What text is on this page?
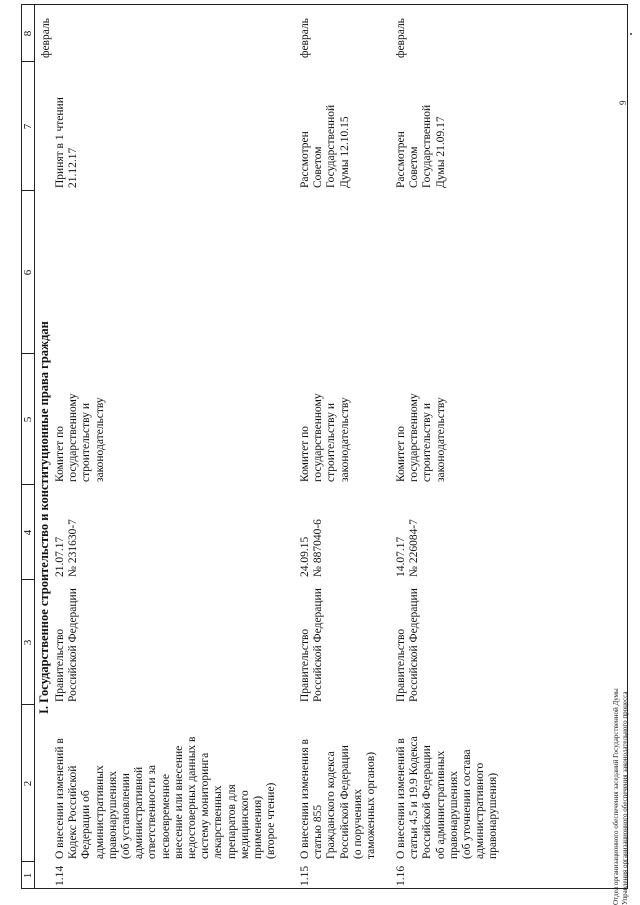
1
2
3
4
5
6
7
8
I. Государственное строительство и конституционные права граждан
1.14
О внесении изменений в
Кодекс Российской
Федерации об
административных
правонарушениях
(об установлении
административной
ответственности за
несвоевременное
внесение или внесение
недостоверных данных в
систему мониторинга
лекарственных
препаратов для
медицинского
применения)
(второе чтение)
Правительство
Российской Федерации
21.07.17
№ 231630-7
Комитет по
государственному
строительству и
законодательству
Принят в 1 чтении
21.12.17
февраль
1.15
О внесении изменения в
статью 855
Гражданского кодекса
Российской Федерации
(о поручениях
таможенных органов)
Правительство
Российской Федерации
24.09.15
№ 887040-6
Комитет по
государственному
строительству и
законодательству
Рассмотрен
Советом
Государственной
Думы 12.10.15
февраль
1.16
О внесении изменений в
статьи 4.5 и 19.9 Кодекса
Российской Федерации
об административных
правонарушениях
(об уточнении состава
административного
правонарушения)
Правительство
Российской Федерации
14.07.17
№ 226084-7
Комитет по
государственному
строительству и
законодательству
Рассмотрен
Советом
Государственной
Думы 21.09.17
февраль
Отдел организационного обеспечения заседаний Государственной Думы
Управления организационного обеспечения законодательного процесса
9
